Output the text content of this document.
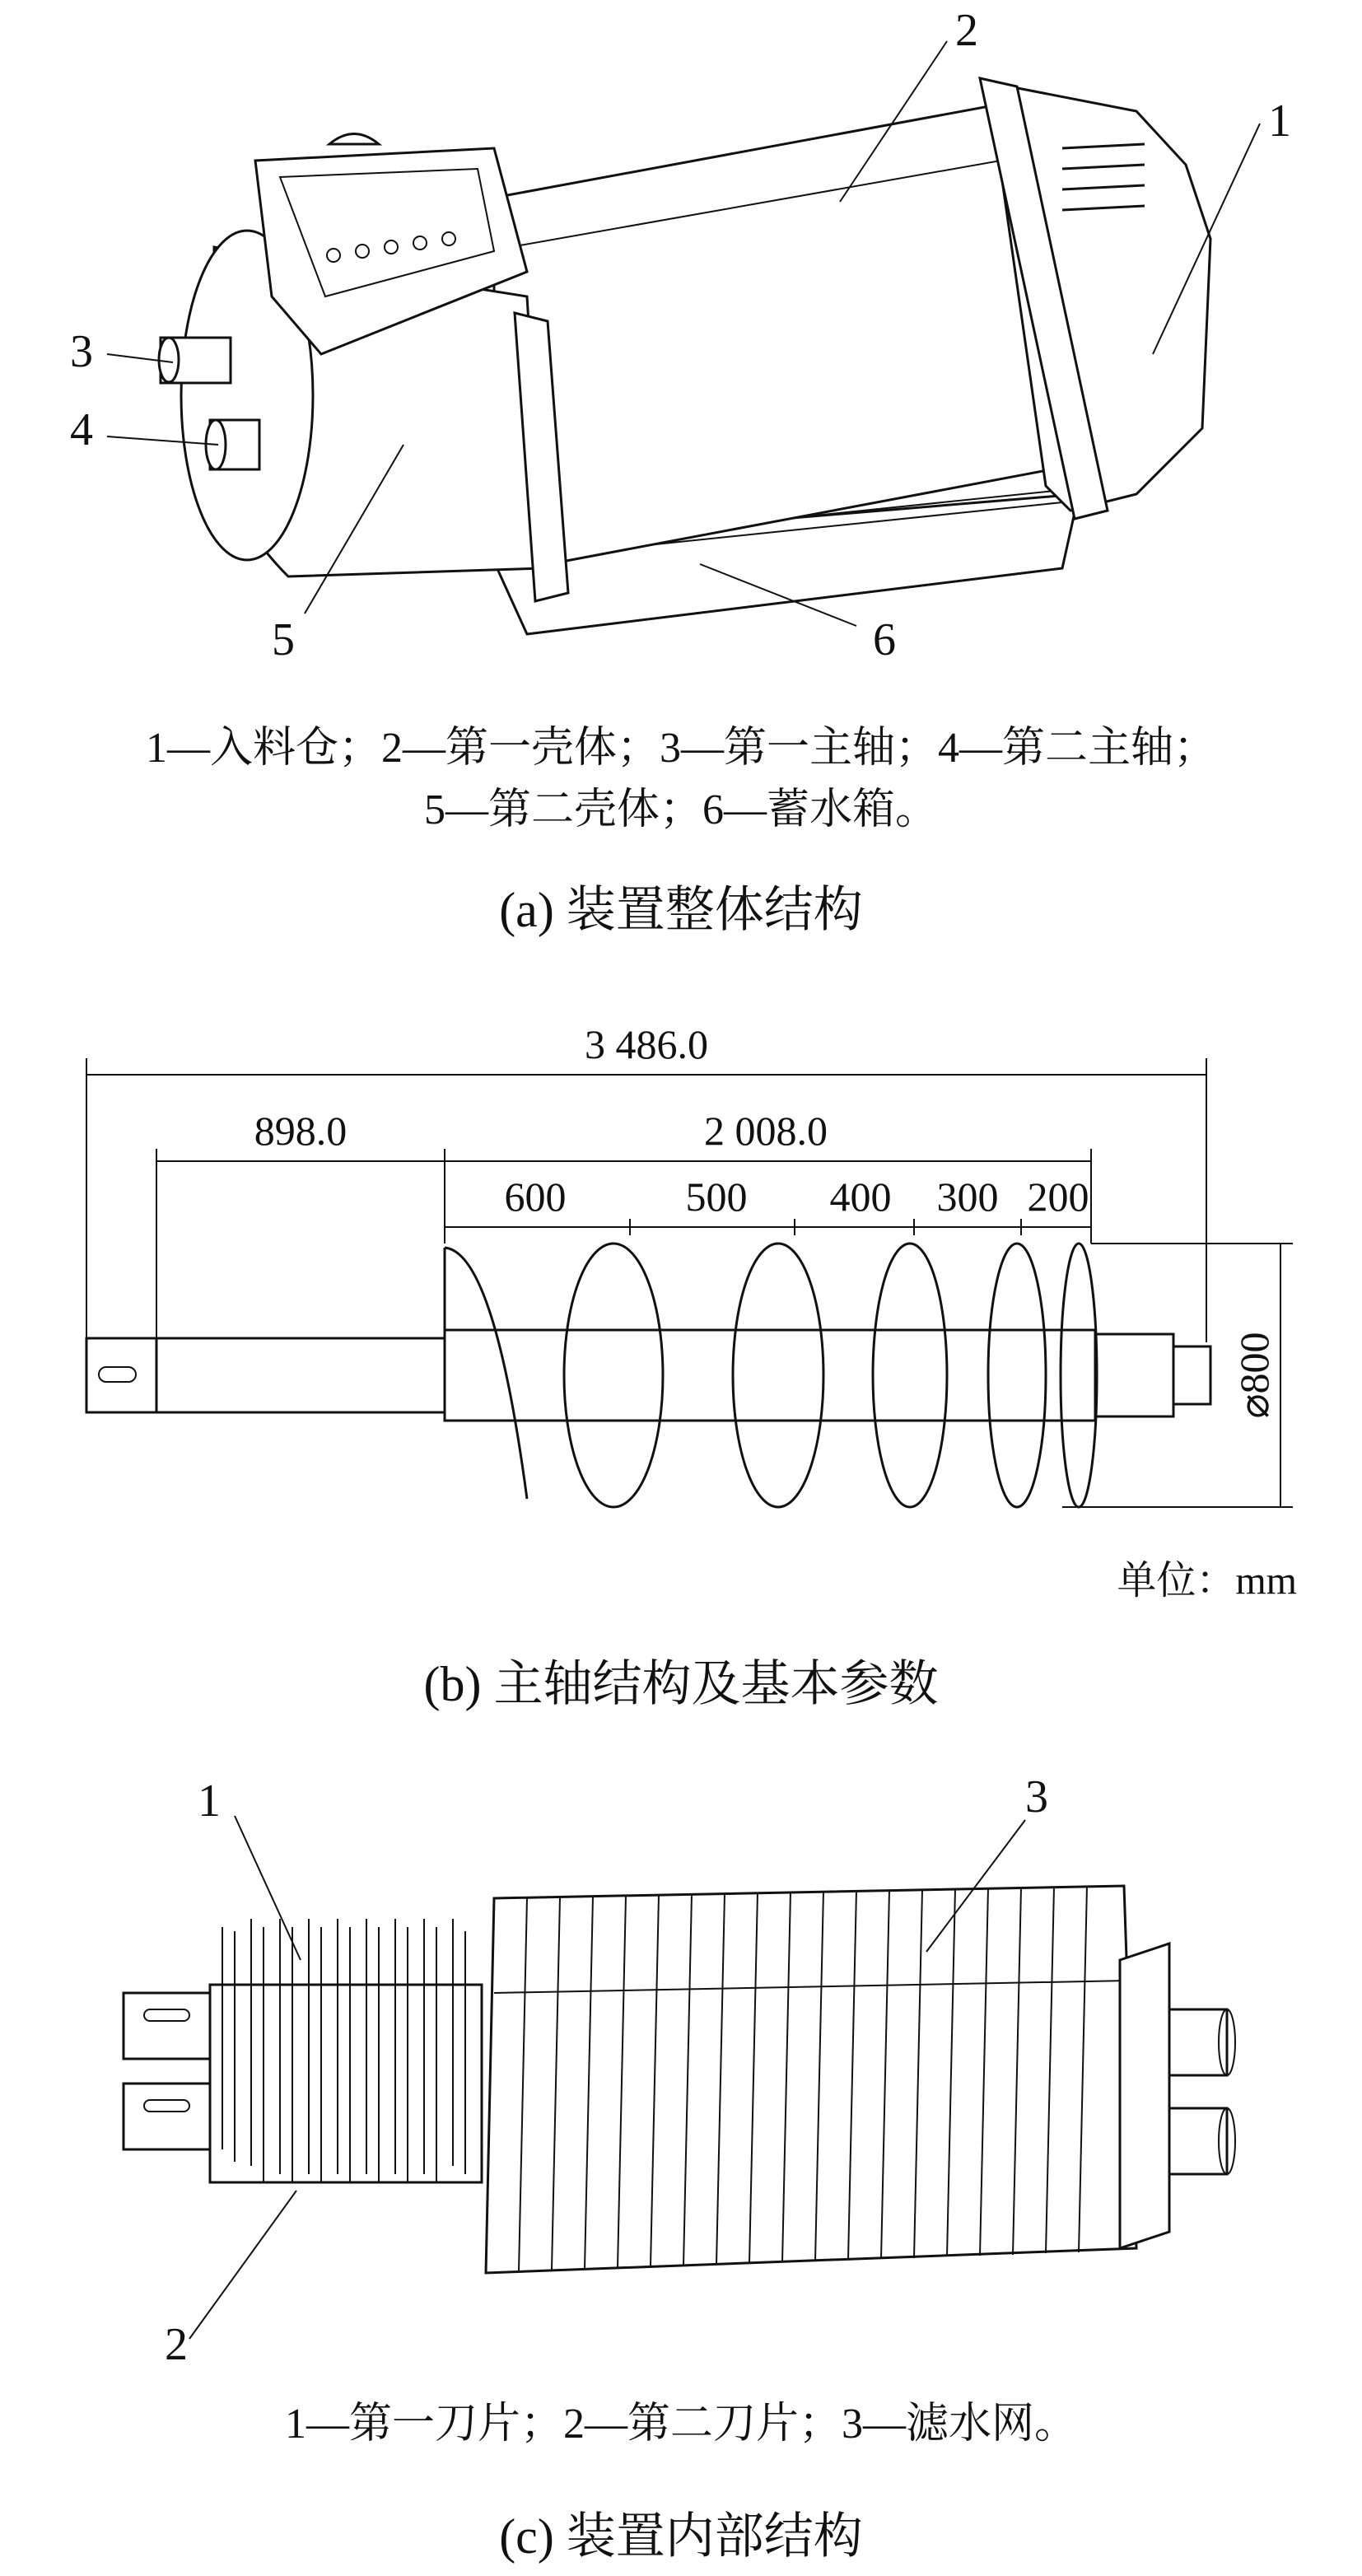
1
2
3
4
5	6
1—入料仓；2—第一壳体；3—第一主轴；4—第二主轴；
5—第二壳体；6—蓄水箱。
(a) 装置整体结构
3 486.0
898.0	2 008.0
600	500 400 300 200
⌀800
单位：mm
(b) 主轴结构及基本参数
1
2
3
1—第一刀片；2—第二刀片；3—滤水网。
(c) 装置内部结构
